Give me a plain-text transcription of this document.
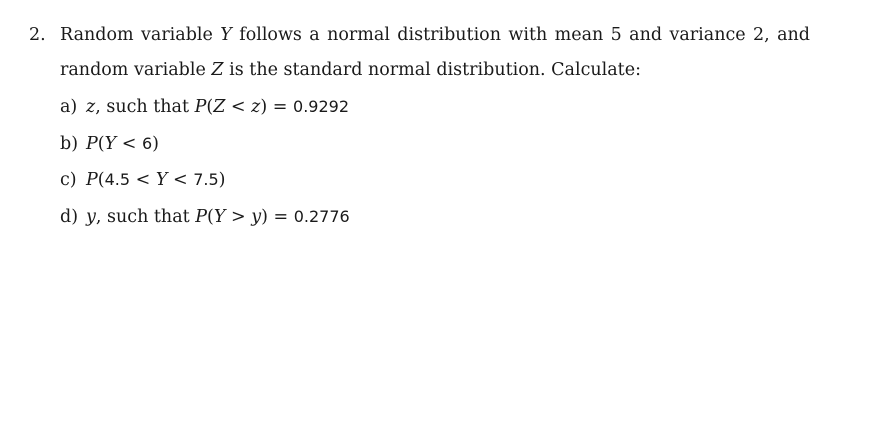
2. Random variable Y follows a normal distribution with mean 5 and variance 2, and
random variable Z is the standard normal distribution. Calculate:
a) z, such that P(Z < z) = 0.9292
b) P(Y < 6)
c) P(4.5 < Y < 7.5)
d) y, such that P(Y > y) = 0.2776
